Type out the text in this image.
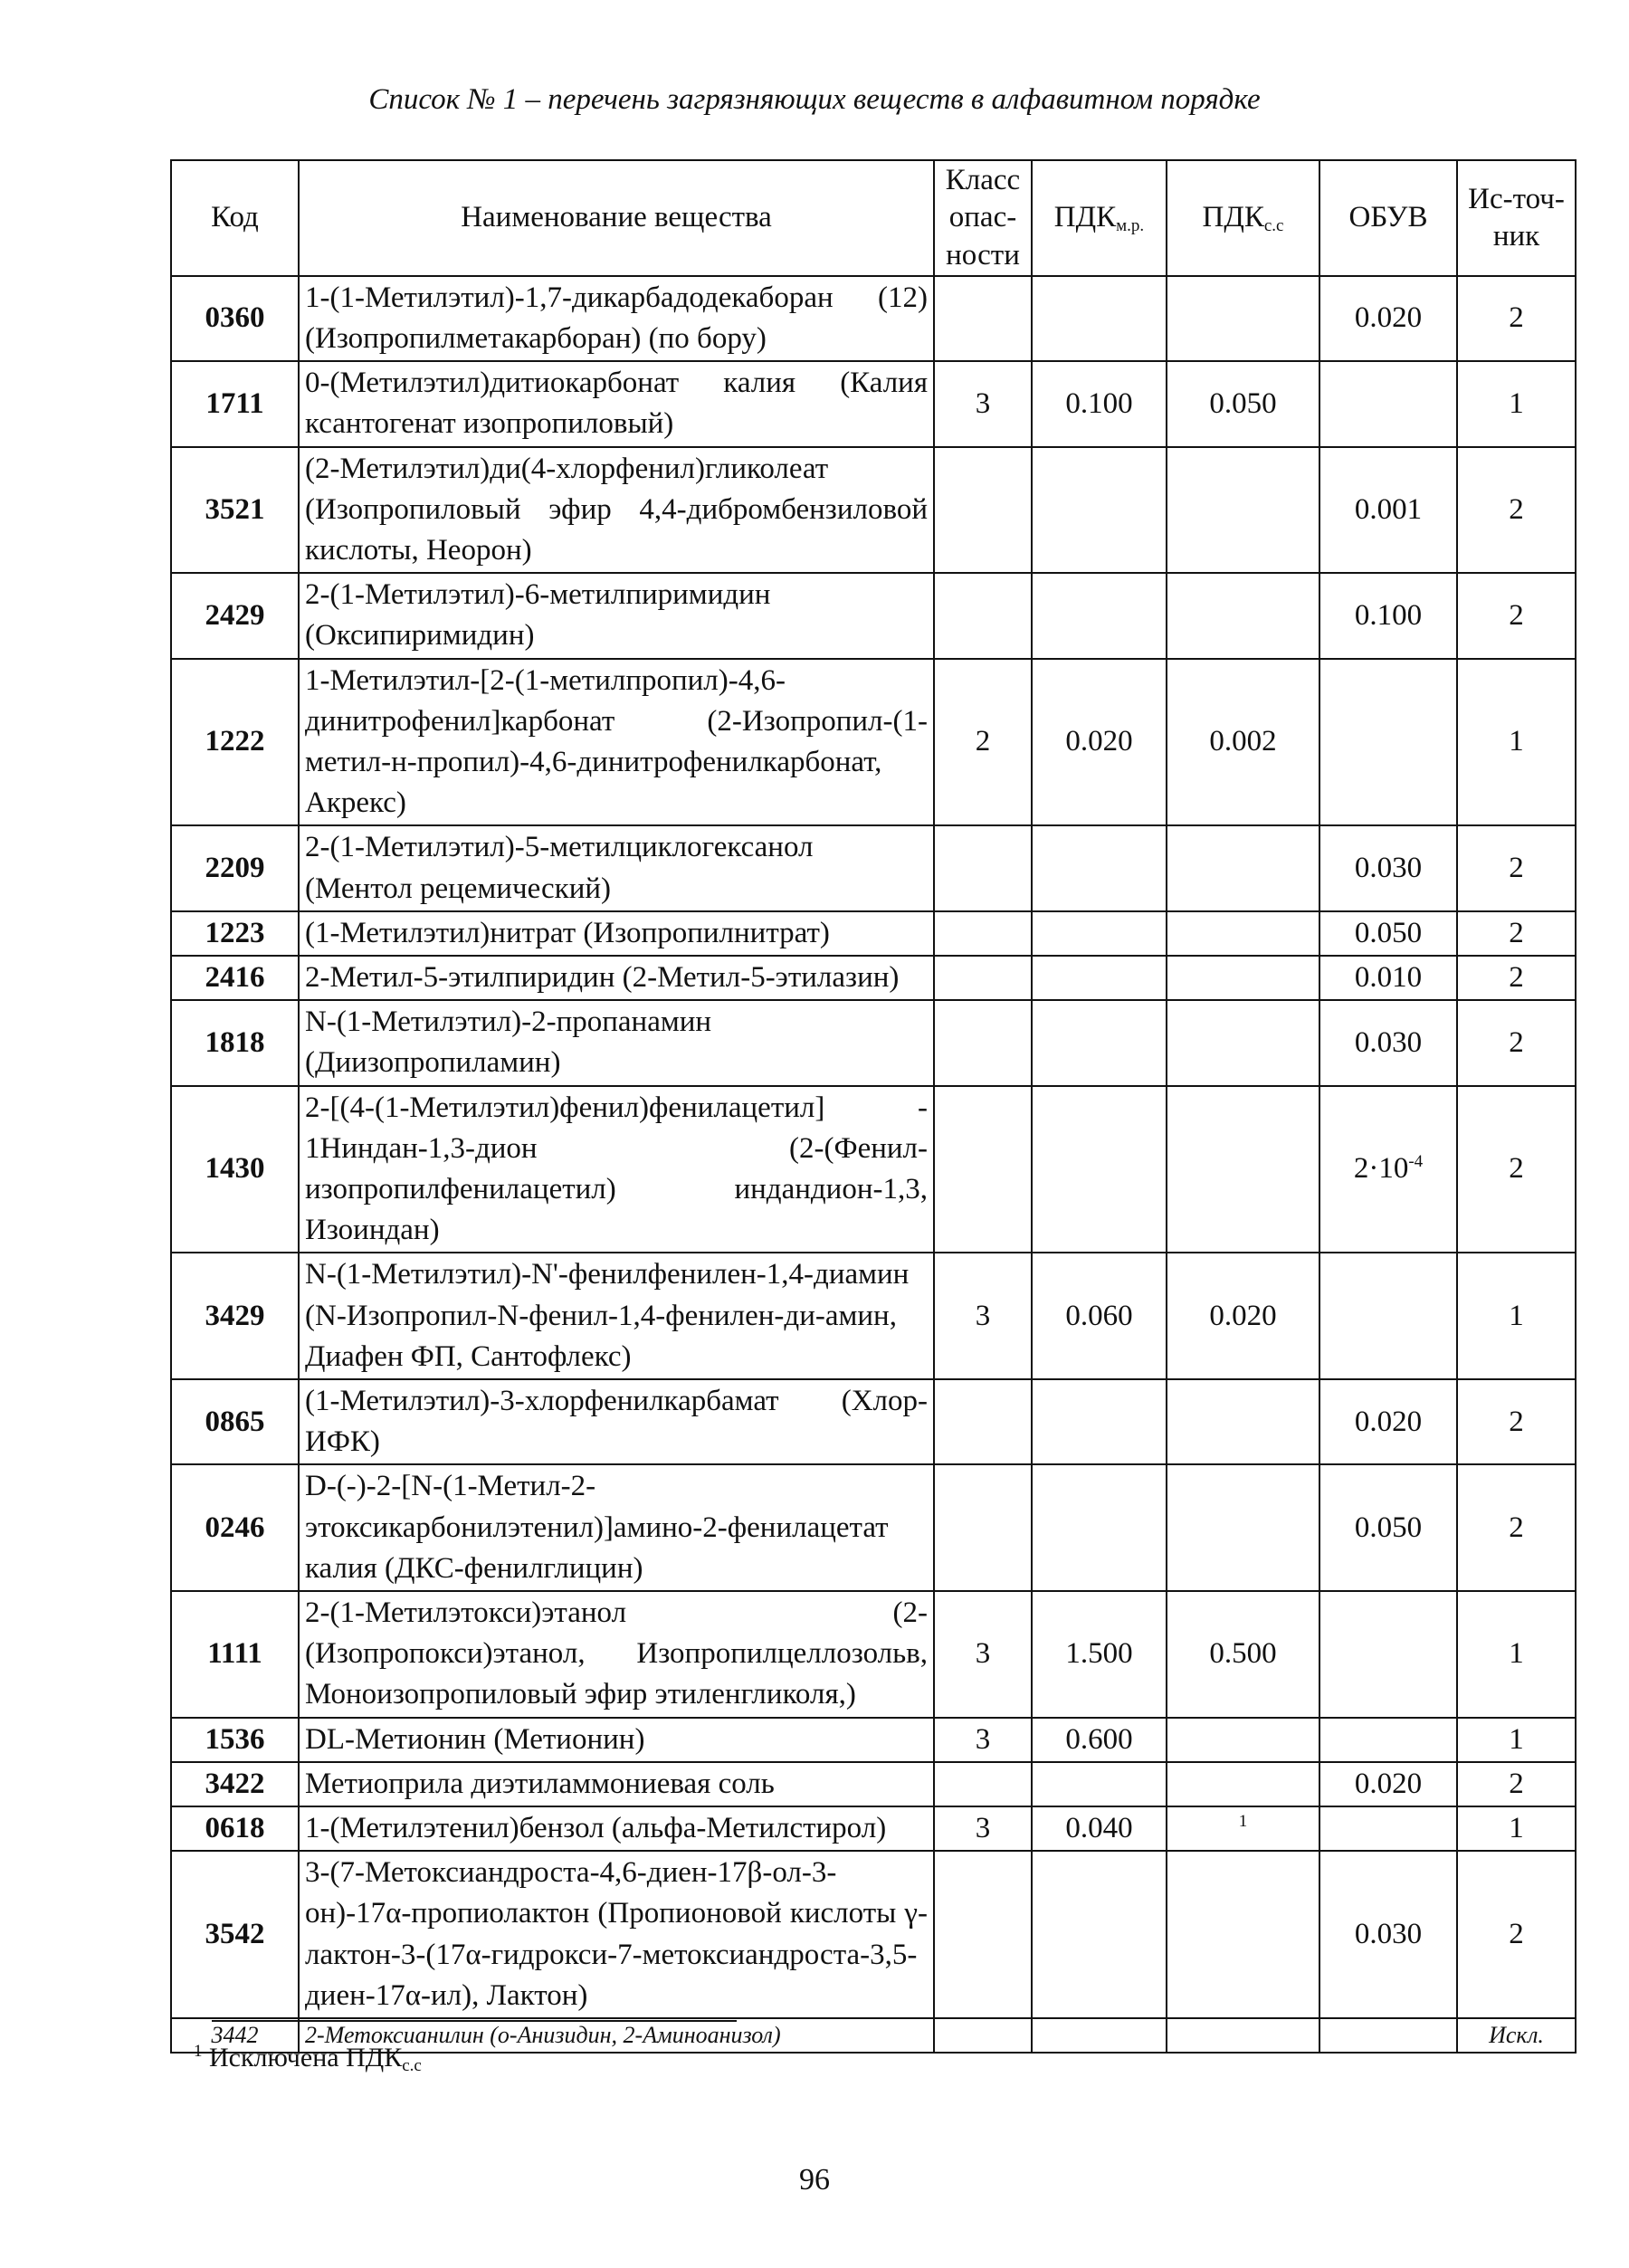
Список № 1 – перечень загрязняющих веществ в алфавитном порядке
Код	Наименование вещества	Класс опас-ности	$ПДК_{м.р.}$	$ПДК_{с.с}$	ОБУВ	Ис-точ-ник
0360	1-(1-Метилэтил)-1,7-дикарбадодекаборан (12) (Изопропилметакарборан) (по бору)				0.020	2
1711	0-(Метилэтил)дитиокарбонат калия (Калия ксантогенат изопропиловый)	3	0.100	0.050		1
3521	(2-Метилэтил)ди(4-хлорфенил)гликолеат (Изопропиловый эфир 4,4-дибромбензиловой кислоты, Неорон)				0.001	2
2429	2-(1-Метилэтил)-6-метилпиримидин (Оксипиримидин)				0.100	2
1222	1-Метилэтил-[2-(1-метилпропил)-4,6-динитрофенил]карбонат (2-Изопропил-(1-метил-н-пропил)-4,6-динитрофенилкарбонат, Акрекс)	2	0.020	0.002		1
2209	2-(1-Метилэтил)-5-метилциклогексанол (Ментол рецемический)				0.030	2
1223	(1-Метилэтил)нитрат (Изопропилнитрат)				0.050	2
2416	2-Метил-5-этилпиридин (2-Метил-5-этилазин)				0.010	2
1818	N-(1-Метилэтил)-2-пропанамин (Диизопропиламин)				0.030	2
1430	2-[(4-(1-Метилэтил)фенил)фенилацетил] - 1Ниндан-1,3-дион (2-(Фенил-изопропилфенилацетил) индандион-1,3, Изоиндан)				$2\cdot 10^{-4}$	2
3429	N-(1-Метилэтил)-N'-фенилфенилен-1,4-диамин (N-Изопропил-N-фенил-1,4-фенилен-ди-амин, Диафен ФП, Сантофлекс)	3	0.060	0.020		1
0865	(1-Метилэтил)-3-хлорфенилкарбамат (Хлор-ИФК)				0.020	2
0246	D-(-)-2-[N-(1-Метил-2-этоксикарбонилэтенил)]амино-2-фенилацетат калия (ДКС-фенилглицин)				0.050	2
1111	2-(1-Метилэтокси)этанол (2-(Изопропокси)этанол, Изопропилцеллозольв, Моноизопропиловый эфир этиленгликоля,)	3	1.500	0.500		1
1536	DL-Метионин (Метионин)	3	0.600			1
3422	Метиоприла диэтиламмониевая соль				0.020	2
0618	1-(Метилэтенил)бензол (альфа-Метилстирол)	3	0.040	$^1$		1
3542	3-(7-Метоксиандроста-4,6-диен-17β-ол-3-он)-17α-пропиолактон (Пропионовой кислоты γ-лактон-3-(17α-гидрокси-7-метоксиандроста-3,5-диен-17α-ил), Лактон)				0.030	2
3442	2-Метоксианилин (о-Анизидин, 2-Аминоанизол)					Искл.
$^1$ Исключена $ПДК_{с.с}$
96
